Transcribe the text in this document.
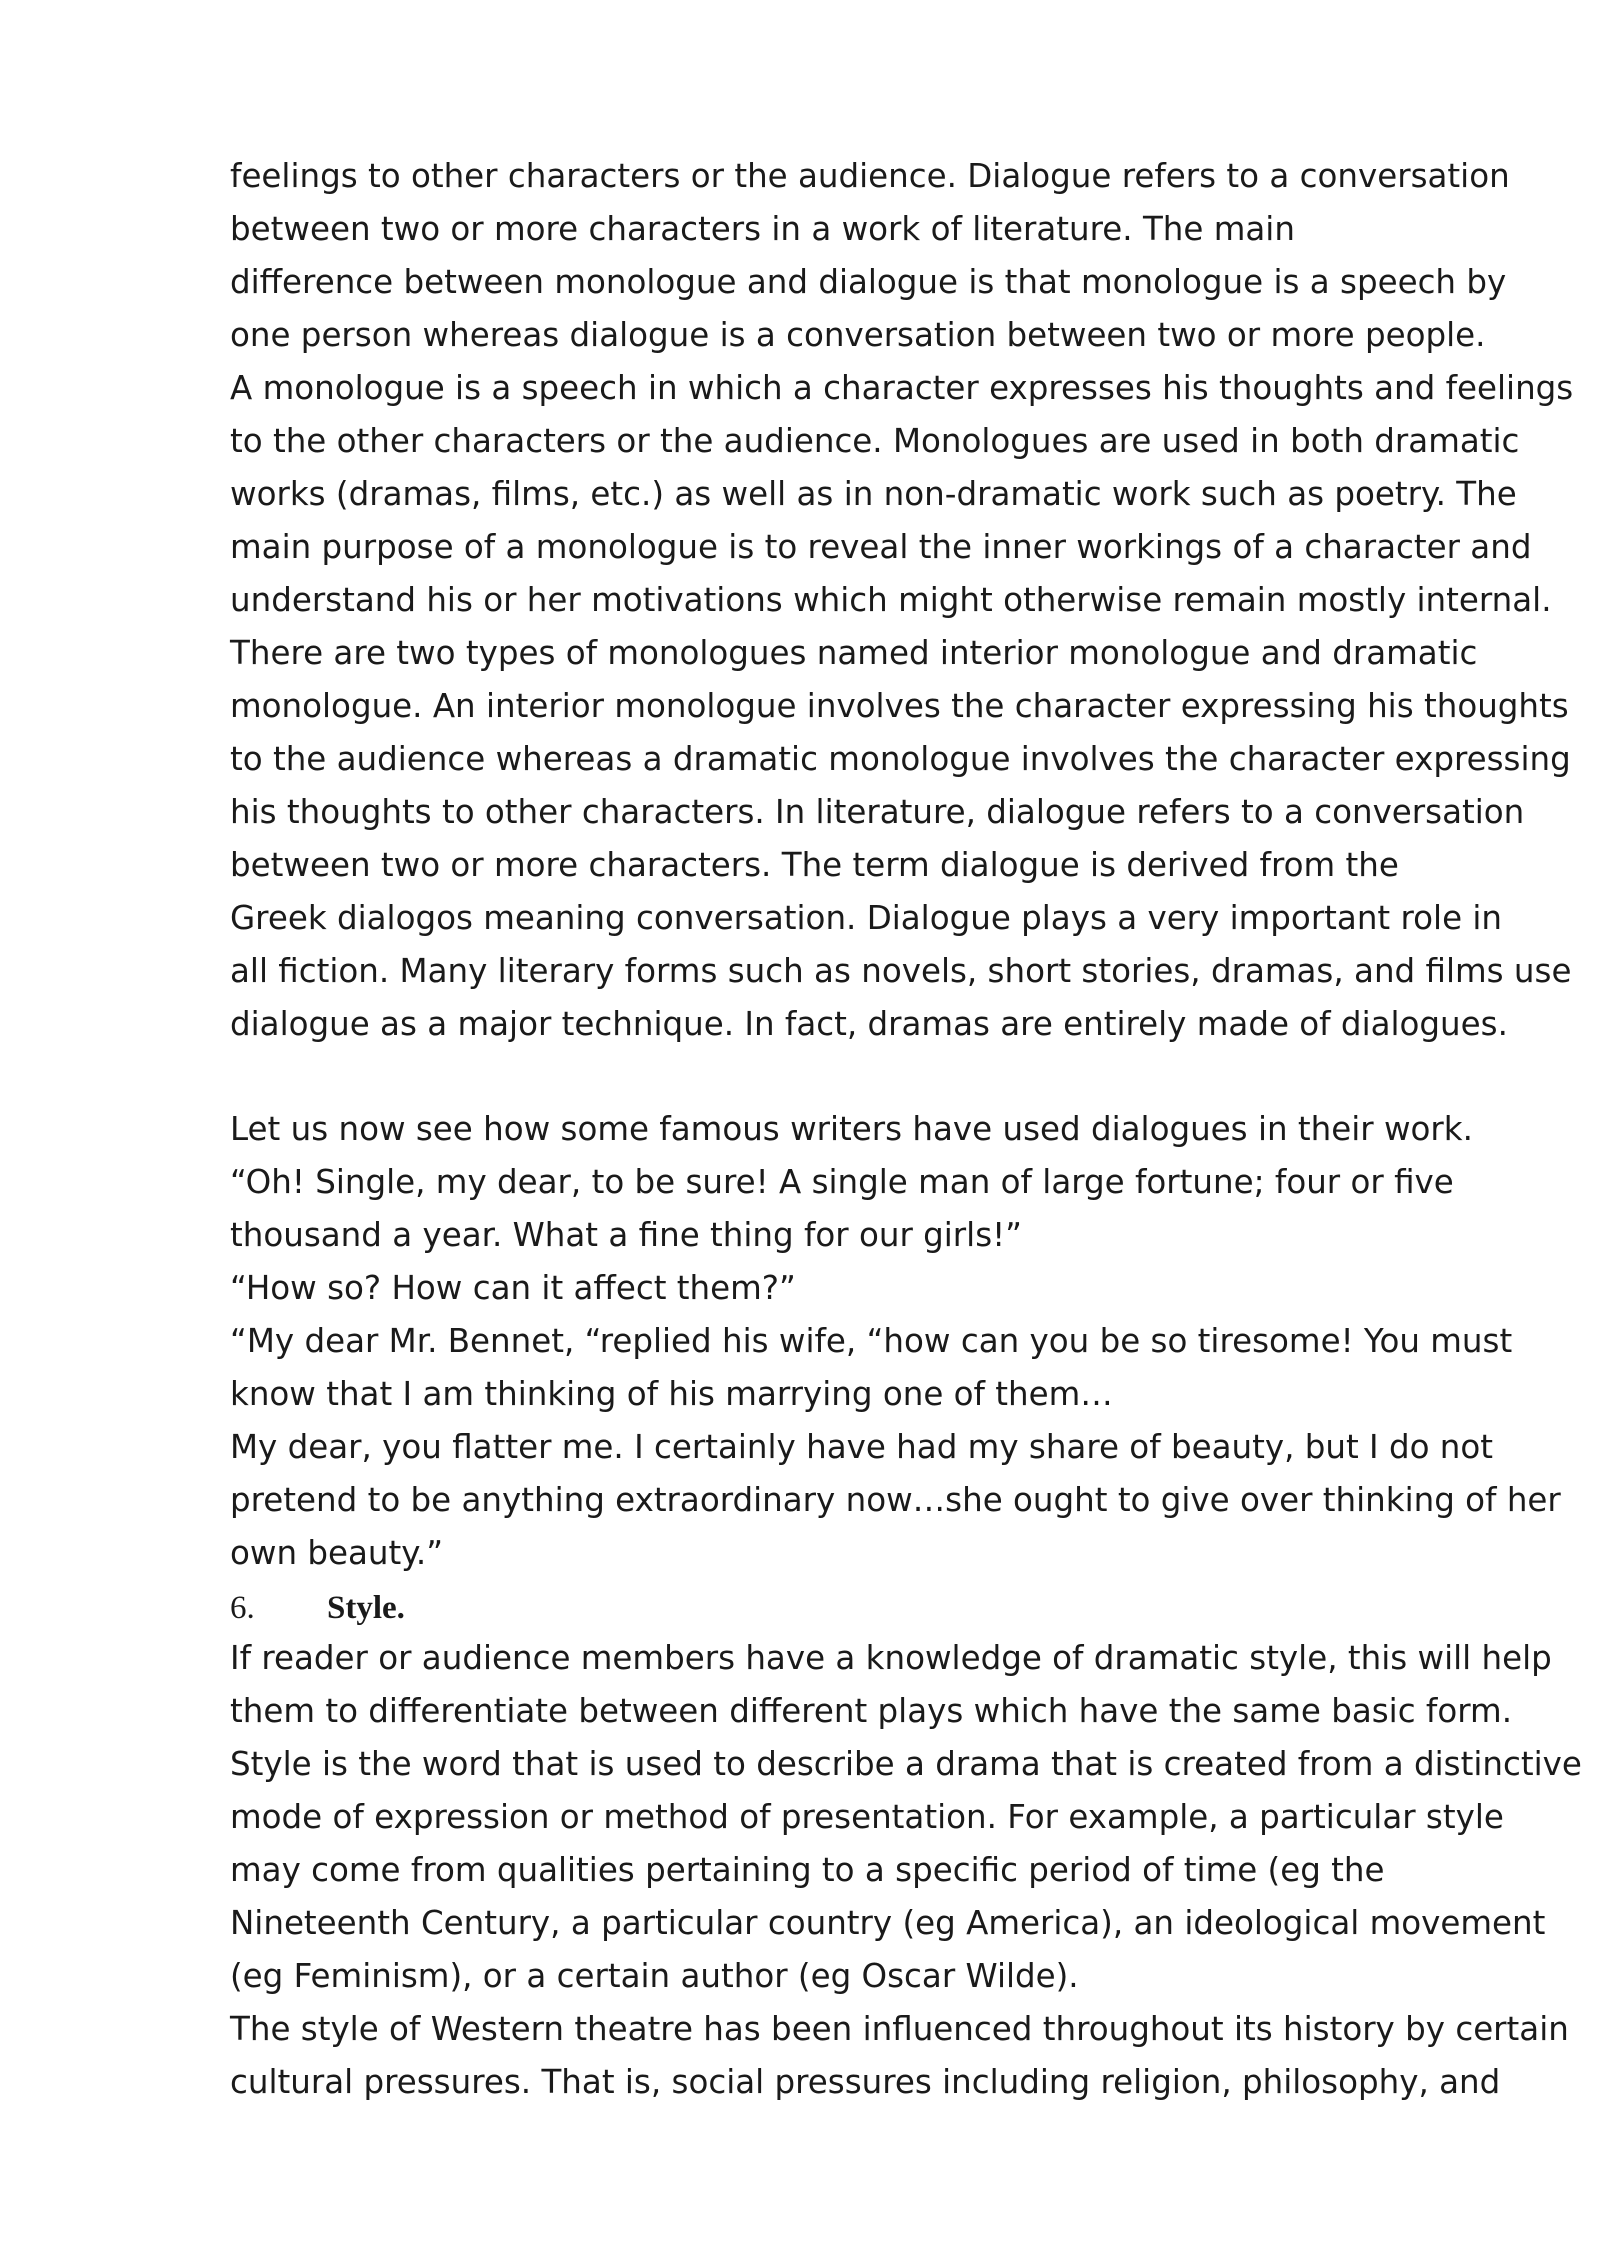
feelings to other characters or the audience. Dialogue refers to a conversation
between two or more characters in a work of literature. The main
difference between monologue and dialogue is that monologue is a speech by
one person whereas dialogue is a conversation between two or more people.
A monologue is a speech in which a character expresses his thoughts and feelings
to the other characters or the audience. Monologues are used in both dramatic
works (dramas, films, etc.) as well as in non-dramatic work such as poetry. The
main purpose of a monologue is to reveal the inner workings of a character and
understand his or her motivations which might otherwise remain mostly internal.
There are two types of monologues named interior monologue and dramatic
monologue. An interior monologue involves the character expressing his thoughts
to the audience whereas a dramatic monologue involves the character expressing
his thoughts to other characters. In literature, dialogue refers to a conversation
between two or more characters. The term dialogue is derived from the
Greek dialogos meaning conversation. Dialogue plays a very important role in
all fiction. Many literary forms such as novels, short stories, dramas, and films use
dialogue as a major technique. In fact, dramas are entirely made of dialogues.
Let us now see how some famous writers have used dialogues in their work.
“Oh! Single, my dear, to be sure! A single man of large fortune; four or five
thousand a year. What a fine thing for our girls!”
“How so? How can it affect them?”
“My dear Mr. Bennet, “replied his wife, “how can you be so tiresome! You must
know that I am thinking of his marrying one of them…
My dear, you flatter me. I certainly have had my share of beauty, but I do not
pretend to be anything extraordinary now…she ought to give over thinking of her
own beauty.”
6. Style.
If reader or audience members have a knowledge of dramatic style, this will help
them to differentiate between different plays which have the same basic form.
Style is the word that is used to describe a drama that is created from a distinctive
mode of expression or method of presentation. For example, a particular style
may come from qualities pertaining to a specific period of time (eg the
Nineteenth Century, a particular country (eg America), an ideological movement
(eg Feminism), or a certain author (eg Oscar Wilde).
The style of Western theatre has been influenced throughout its history by certain
cultural pressures. That is, social pressures including religion, philosophy, and
